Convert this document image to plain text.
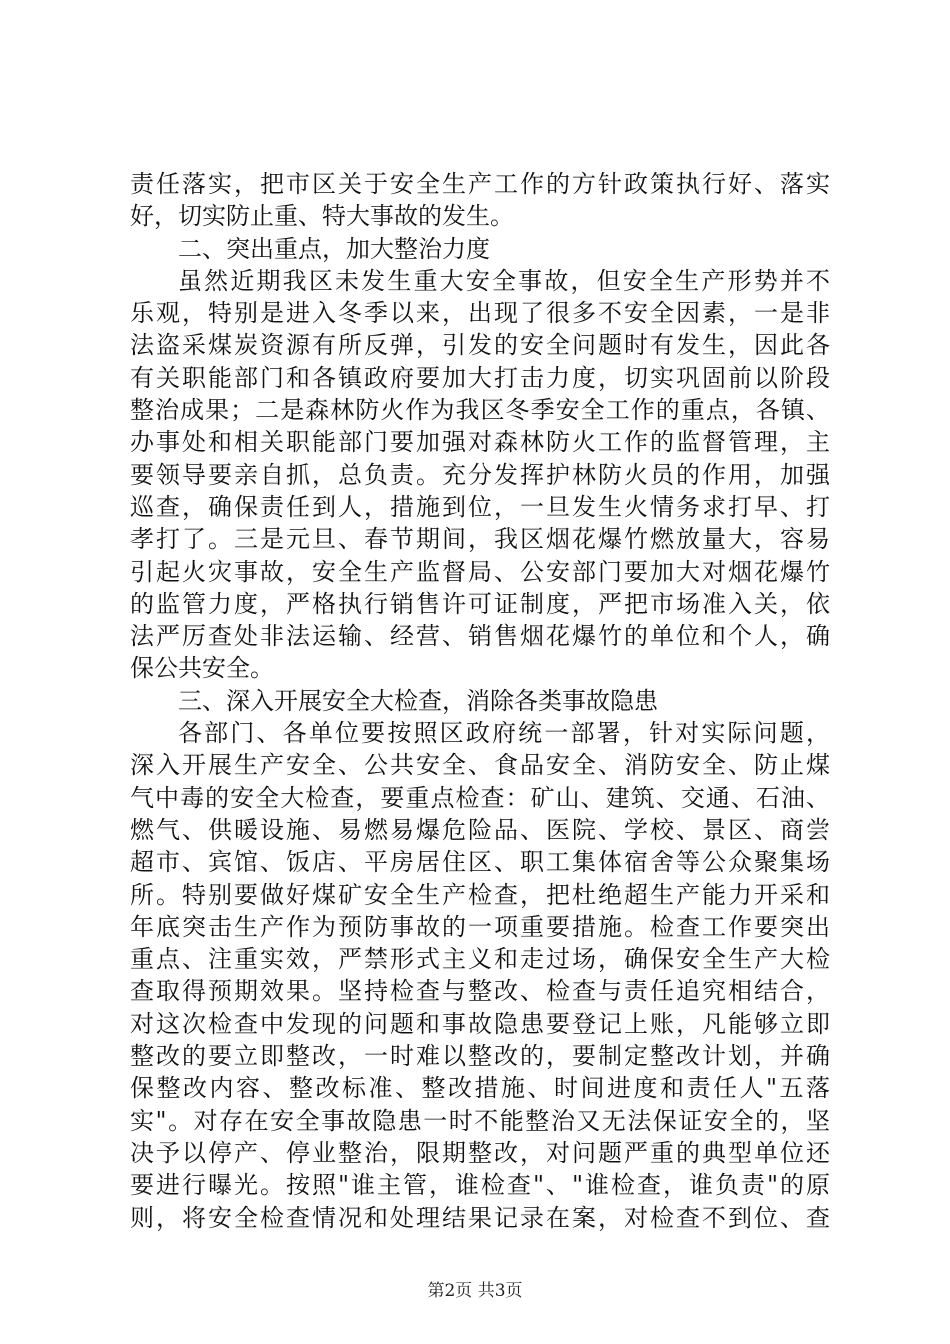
责任落实，把市区关于安全生产工作的方针政策执行好、落实
好，切实防止重、特大事故的发生。
二、突出重点，加大整治力度
虽然近期我区未发生重大安全事故，但安全生产形势并不
乐观，特别是进入冬季以来，出现了很多不安全因素，一是非
法盗采煤炭资源有所反弹，引发的安全问题时有发生，因此各
有关职能部门和各镇政府要加大打击力度，切实巩固前以阶段
整治成果；二是森林防火作为我区冬季安全工作的重点，各镇、
办事处和相关职能部门要加强对森林防火工作的监督管理，主
要领导要亲自抓，总负责。充分发挥护林防火员的作用，加强
巡查，确保责任到人，措施到位，一旦发生火情务求打早、打
孝打了。三是元旦、春节期间，我区烟花爆竹燃放量大，容易
引起火灾事故，安全生产监督局、公安部门要加大对烟花爆竹
的监管力度，严格执行销售许可证制度，严把市场准入关，依
法严厉查处非法运输、经营、销售烟花爆竹的单位和个人，确
保公共安全。
三、深入开展安全大检查，消除各类事故隐患
各部门、各单位要按照区政府统一部署，针对实际问题，
深入开展生产安全、公共安全、食品安全、消防安全、防止煤
气中毒的安全大检查，要重点检查：矿山、建筑、交通、石油、
燃气、供暖设施、易燃易爆危险品、医院、学校、景区、商尝
超市、宾馆、饭店、平房居住区、职工集体宿舍等公众聚集场
所。特别要做好煤矿安全生产检查，把杜绝超生产能力开采和
年底突击生产作为预防事故的一项重要措施。检查工作要突出
重点、注重实效，严禁形式主义和走过场，确保安全生产大检
查取得预期效果。坚持检查与整改、检查与责任追究相结合，
对这次检查中发现的问题和事故隐患要登记上账，凡能够立即
整改的要立即整改，一时难以整改的，要制定整改计划，并确
保整改内容、整改标准、整改措施、时间进度和责任人"五落
实"。对存在安全事故隐患一时不能整治又无法保证安全的，坚
决予以停产、停业整治，限期整改，对问题严重的典型单位还
要进行曝光。按照"谁主管，谁检查"、"谁检查，谁负责"的原
则，将安全检查情况和处理结果记录在案，对检查不到位、查
第2页 共3页
